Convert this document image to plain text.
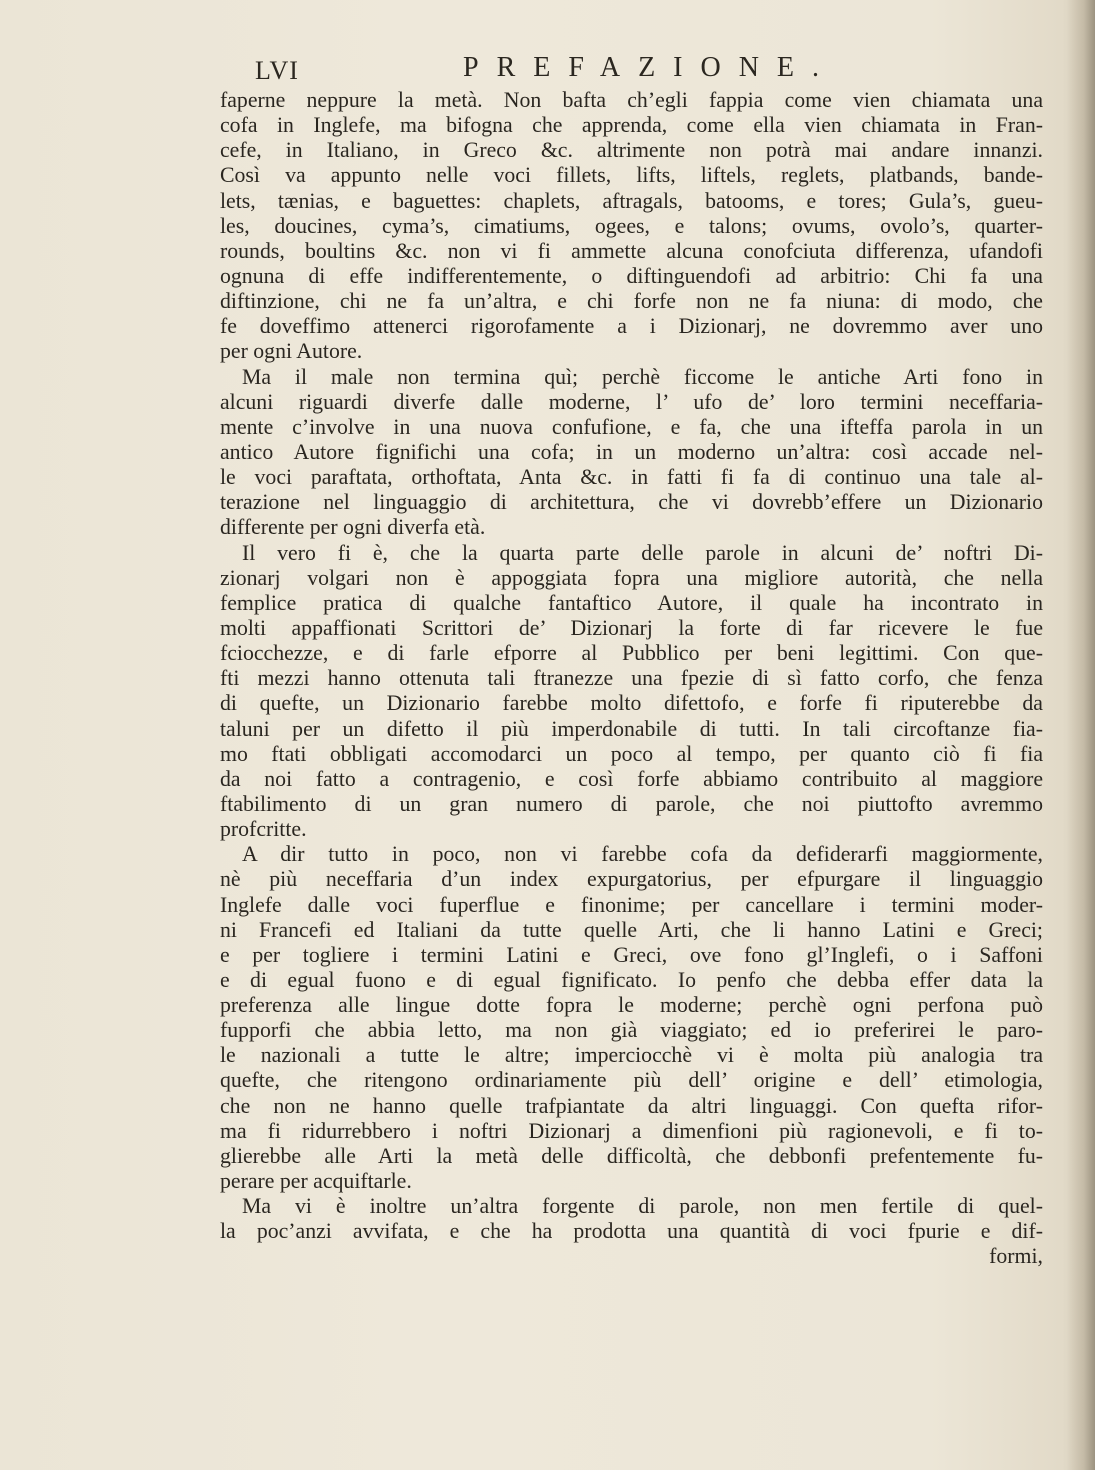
LVI	PREFAZIONE.
faperne neppure la metà. Non bafta ch’egli fappia come vien chiamata una
cofa in Inglefe, ma bifogna che apprenda, come ella vien chiamata in Fran-
cefe, in Italiano, in Greco &c. altrimente non potrà mai andare innanzi.
Così va appunto nelle voci fillets, lifts, liftels, reglets, platbands, bande-
lets, tænias, e baguettes: chaplets, aftragals, batooms, e tores; Gula’s, gueu-
les, doucines, cyma’s, cimatiums, ogees, e talons; ovums, ovolo’s, quarter-
rounds, boultins &c. non vi fi ammette alcuna conofciuta differenza, ufandofi
ognuna di effe indifferentemente, o diftinguendofi ad arbitrio: Chi fa una
diftinzione, chi ne fa un’altra, e chi forfe non ne fa niuna: di modo, che
fe doveffimo attenerci rigorofamente a i Dizionarj, ne dovremmo aver uno
per ogni Autore.
Ma il male non termina quì; perchè ficcome le antiche Arti fono in
alcuni riguardi diverfe dalle moderne, l’ ufo de’ loro termini neceffaria-
mente c’involve in una nuova confufione, e fa, che una ifteffa parola in un
antico Autore fignifichi una cofa; in un moderno un’altra: così accade nel-
le voci paraftata, orthoftata, Anta &c. in fatti fi fa di continuo una tale al-
terazione nel linguaggio di architettura, che vi dovrebb’effere un Dizionario
differente per ogni diverfa età.
Il vero fi è, che la quarta parte delle parole in alcuni de’ noftri Di-
zionarj volgari non è appoggiata fopra una migliore autorità, che nella
femplice pratica di qualche fantaftico Autore, il quale ha incontrato in
molti appaffionati Scrittori de’ Dizionarj la forte di far ricevere le fue
fciocchezze, e di farle efporre al Pubblico per beni legittimi. Con que-
fti mezzi hanno ottenuta tali ftranezze una fpezie di sì fatto corfo, che fenza
di quefte, un Dizionario farebbe molto difettofo, e forfe fi riputerebbe da
taluni per un difetto il più imperdonabile di tutti. In tali circoftanze fia-
mo ftati obbligati accomodarci un poco al tempo, per quanto ciò fi fia
da noi fatto a contragenio, e così forfe abbiamo contribuito al maggiore
ftabilimento di un gran numero di parole, che noi piuttofto avremmo
profcritte.
A dir tutto in poco, non vi farebbe cofa da defiderarfi maggiormente,
nè più neceffaria d’un index expurgatorius, per efpurgare il linguaggio
Inglefe dalle voci fuperflue e finonime; per cancellare i termini moder-
ni Francefi ed Italiani da tutte quelle Arti, che li hanno Latini e Greci;
e per togliere i termini Latini e Greci, ove fono gl’Inglefi, o i Saffoni
e di egual fuono e di egual fignificato. Io penfo che debba effer data la
preferenza alle lingue dotte fopra le moderne; perchè ogni perfona può
fupporfi che abbia letto, ma non già viaggiato; ed io preferirei le paro-
le nazionali a tutte le altre; imperciocchè vi è molta più analogia tra
quefte, che ritengono ordinariamente più dell’ origine e dell’ etimologia,
che non ne hanno quelle trafpiantate da altri linguaggi. Con quefta rifor-
ma fi ridurrebbero i noftri Dizionarj a dimenfioni più ragionevoli, e fi to-
glierebbe alle Arti la metà delle difficoltà, che debbonfi prefentemente fu-
perare per acquiftarle.
Ma vi è inoltre un’altra forgente di parole, non men fertile di quel-
la poc’anzi avvifata, e che ha prodotta una quantità di voci fpurie e dif-
formi,
